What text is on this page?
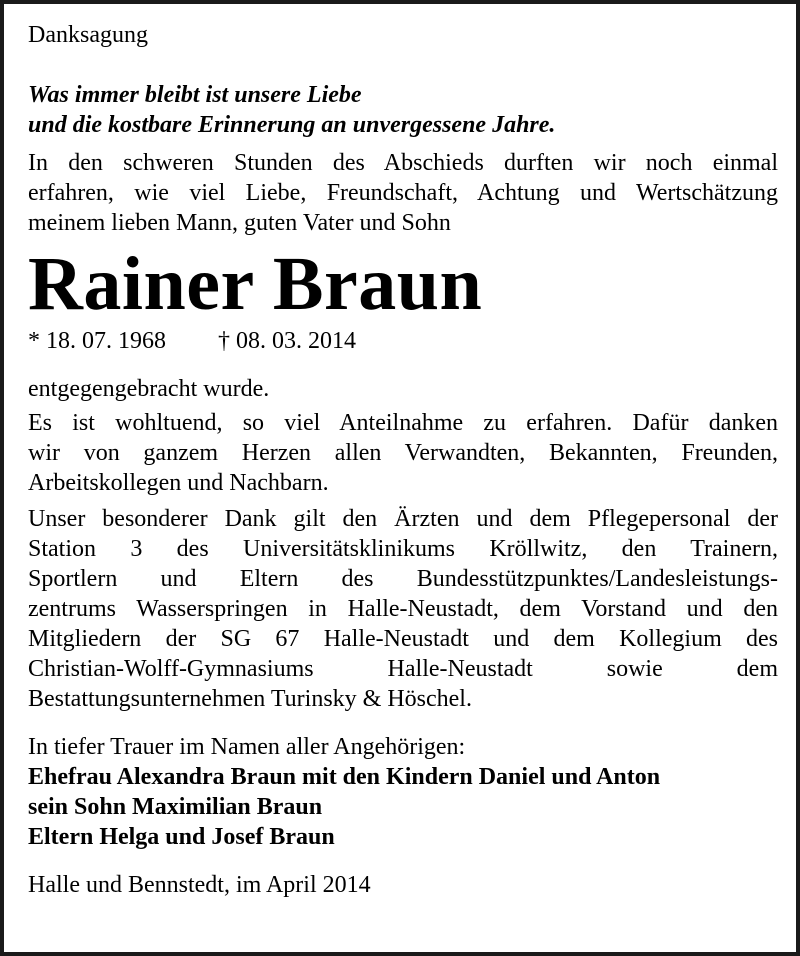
Danksagung
Was immer bleibt ist unsere Liebe
und die kostbare Erinnerung an unvergessene Jahre.
In den schweren Stunden des Abschieds durften wir noch einmal
erfahren, wie viel Liebe, Freundschaft, Achtung und Wertschätzung
meinem lieben Mann, guten Vater und Sohn
Rainer Braun
* 18. 07. 1968 † 08. 03. 2014
entgegengebracht wurde.
Es ist wohltuend, so viel Anteilnahme zu erfahren. Dafür danken
wir von ganzem Herzen allen Verwandten, Bekannten, Freunden,
Arbeitskollegen und Nachbarn.
Unser besonderer Dank gilt den Ärzten und dem Pflegepersonal der
Station 3 des Universitätsklinikums Kröllwitz, den Trainern,
Sportlern und Eltern des Bundesstützpunktes/Landesleistungs-
zentrums Wasserspringen in Halle-Neustadt, dem Vorstand und den
Mitgliedern der SG 67 Halle-Neustadt und dem Kollegium des
Christian-Wolff-Gymnasiums Halle-Neustadt sowie dem
Bestattungsunternehmen Turinsky & Höschel.
In tiefer Trauer im Namen aller Angehörigen:
Ehefrau Alexandra Braun mit den Kindern Daniel und Anton
sein Sohn Maximilian Braun
Eltern Helga und Josef Braun
Halle und Bennstedt, im April 2014
